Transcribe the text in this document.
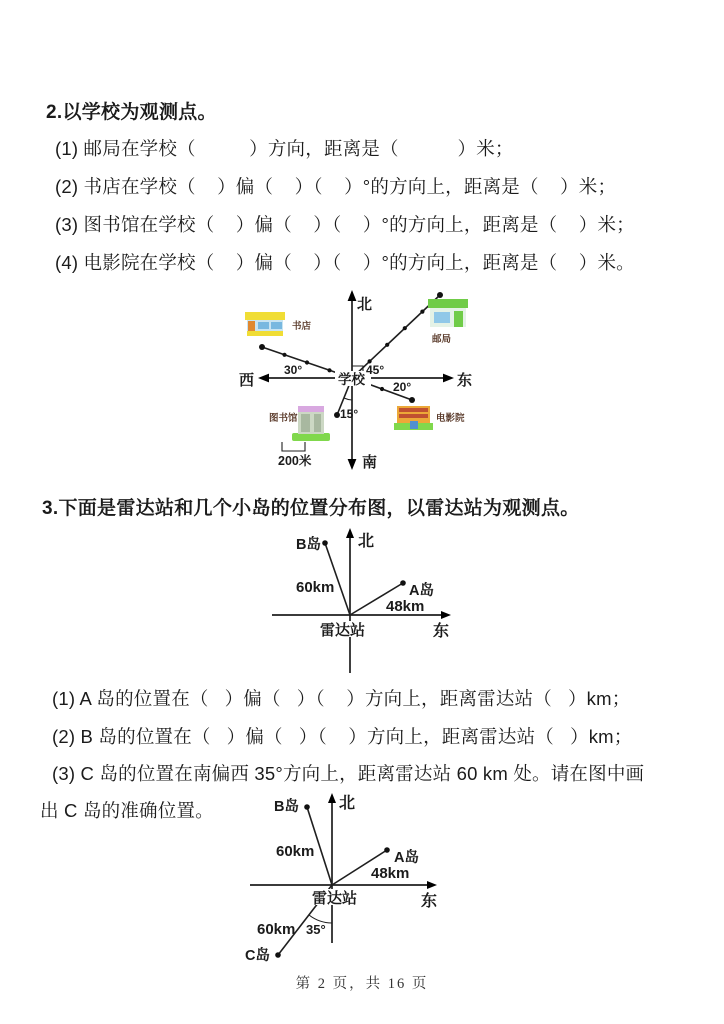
2.以学校为观测点。
(1) 邮局在学校（          ）方向，距离是（           ）米；
(2) 书店在学校（    ）偏（    ）（    ）°的方向上，距离是（    ）米；
(3) 图书馆在学校（    ）偏（    ）（    ）°的方向上，距离是（    ）米；
(4) 电影院在学校（    ）偏（    ）（    ）°的方向上，距离是（    ）米。
200米
北
南
西	东
学校
30°	45°
20°
15°
书店
邮局
图书馆	电影院
3.下面是雷达站和几个小岛的位置分布图，以雷达站为观测点。
北
B岛
60km	A岛
48km
雷达站	东
(1) A 岛的位置在（   ）偏（   ）（    ）方向上，距离雷达站（   ）km；
(2) B 岛的位置在（   ）偏（   ）（    ）方向上，距离雷达站（   ）km；
(3) C 岛的位置在南偏西 35°方向上，距离雷达站 60 km 处。请在图中画
出 C 岛的准确位置。	北
B岛
60km	A岛
48km
雷达站	东
60km 35°
C岛
第 2 页，共 16 页
